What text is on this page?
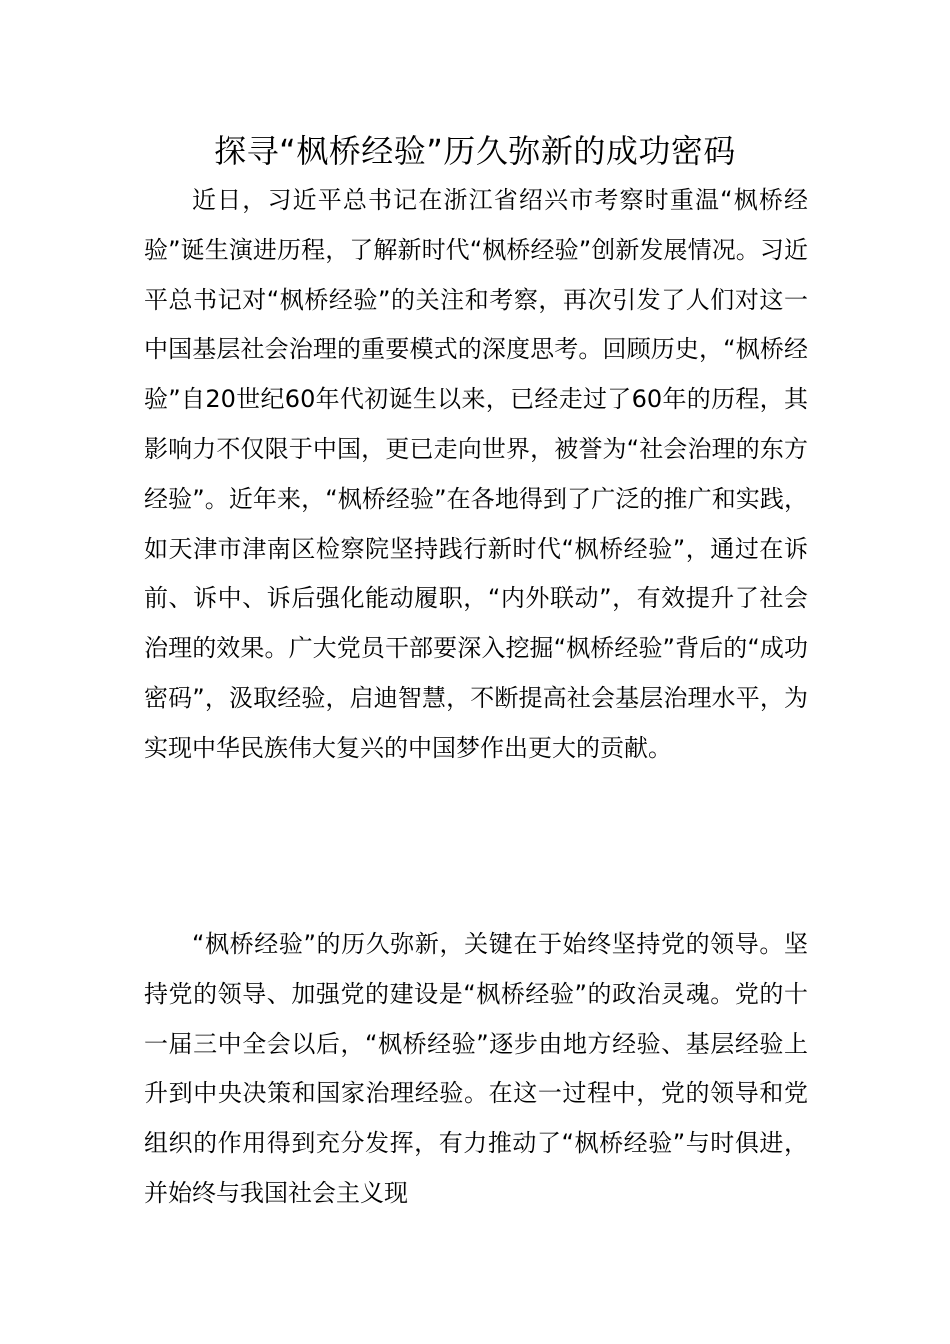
探寻“枫桥经验”历久弥新的成功密码

近日，习近平总书记在浙江省绍兴市考察时重温“枫桥经验”诞生演进历程，了解新时代“枫桥经验”创新发展情况。习近平总书记对“枫桥经验”的关注和考察，再次引发了人们对这一中国基层社会治理的重要模式的深度思考。回顾历史，“枫桥经验”自20世纪60年代初诞生以来，已经走过了60年的历程，其影响力不仅限于中国，更已走向世界，被誉为“社会治理的东方经验”。近年来，“枫桥经验”在各地得到了广泛的推广和实践，如天津市津南区检察院坚持践行新时代“枫桥经验”，通过在诉前、诉中、诉后强化能动履职，“内外联动”，有效提升了社会治理的效果。广大党员干部要深入挖掘“枫桥经验”背后的“成功密码”，汲取经验，启迪智慧，不断提高社会基层治理水平，为实现中华民族伟大复兴的中国梦作出更大的贡献。

“枫桥经验”的历久弥新，关键在于始终坚持党的领导。坚持党的领导、加强党的建设是“枫桥经验”的政治灵魂。党的十一届三中全会以后，“枫桥经验”逐步由地方经验、基层经验上升到中央决策和国家治理经验。在这一过程中，党的领导和党组织的作用得到充分发挥，有力推动了“枫桥经验”与时俱进，并始终与我国社会主义现
